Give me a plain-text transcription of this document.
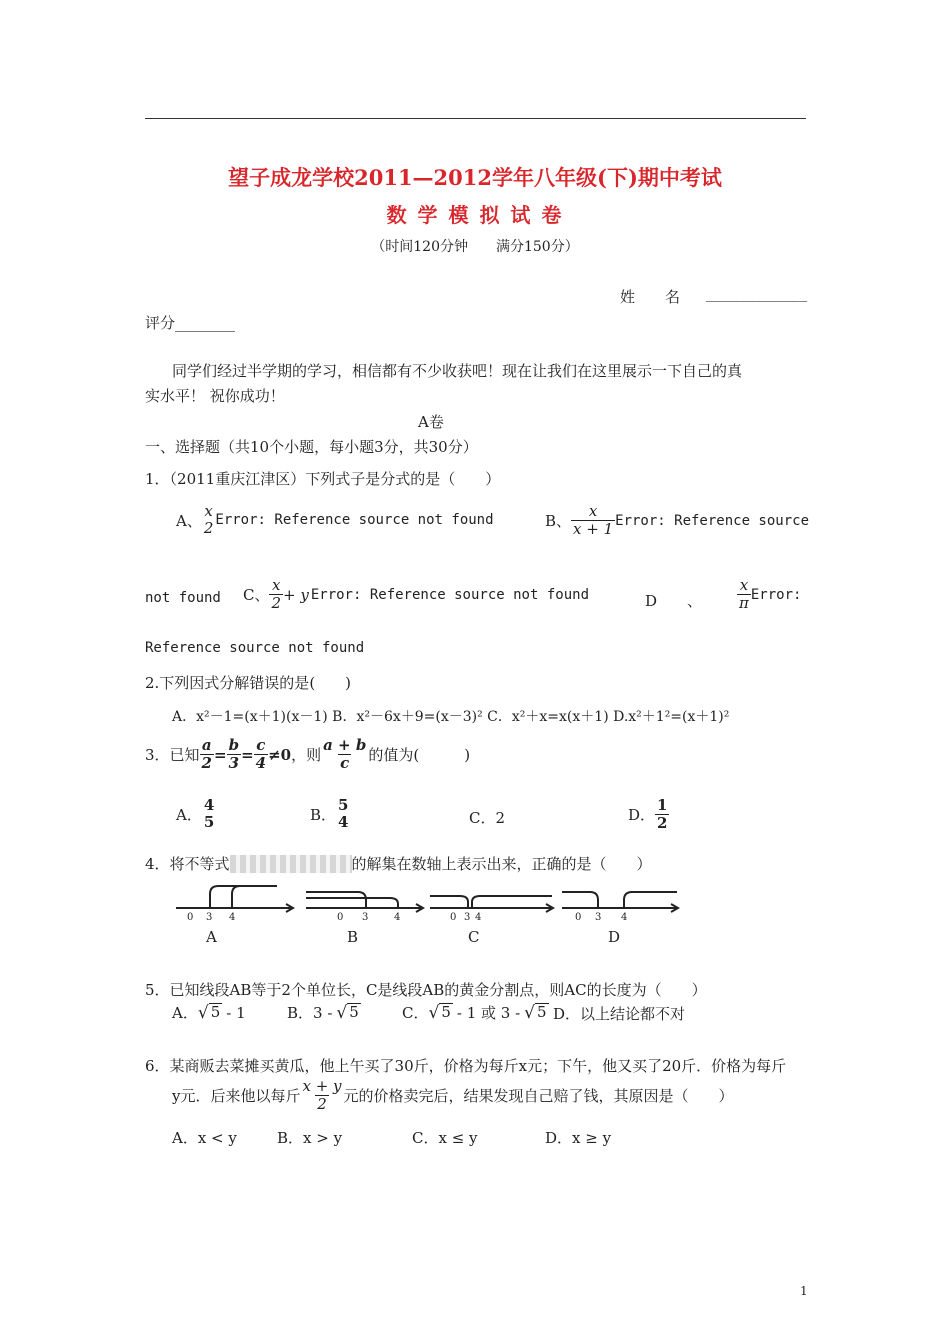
望子成龙学校2011—2012学年八年级(下)期中考试
数 学 模 拟 试 卷
（时间120分钟　　满分150分）
姓　　名 ____________
评分________
同学们经过半学期的学习，相信都有不少收获吧！现在让我们在这里展示一下自己的真
实水平！ 祝你成功！
A卷
一、选择题（共10个小题，每小题3分，共30分）
1．（2011重庆江津区）下列式子是分式的是（　　）
A、
x
2 Error: Reference source not found	B、 $\frac{x}{x + 1}$ Error: Reference source
not found C、 $\frac{x}{2} + y$ Error: Reference source not found	D　　、 $\frac{x}{\pi}$ Error:
Reference source not found
2.下列因式分解错误的是(　　)
A．x²－1=(x＋1)(x－1) B．x²－6x＋9=(x－3)² C．x²＋x=x(x＋1) D.x²＋1²=(x＋1)²
3．已知 $\frac{a}{2} = \frac{b}{3} = \frac{c}{4} \ne 0$ ，则 $\frac{a + b}{c}$ 的值为(　　　)
A．
4
5	B．
5
4	C．2	D． $\frac{1}{2}$
4．将不等式	的解集在数轴上表示出来，正确的是（　　）
0 3 4	0 3	4	0 3 4	0 3 4
A	B	C	D
5．已知线段AB等于2个单位长，C是线段AB的黄金分割点，则AC的长度为（　　）
A． √ 5 - 1	B． 3 - √ 5	C． √ 5 - 1 或 3 - √ 5 D．以上结论都不对
6．某商贩去菜摊买黄瓜，他上午买了30斤，价格为每斤x元；下午，他又买了20斤．价格为每斤
y元．后来他以每斤 $\frac{x + y}{2}$ 元的价格卖完后，结果发现自己赔了钱，其原因是（　　）
A．x < y	B．x > y	C．x ≤ y	D．x ≥ y
1
